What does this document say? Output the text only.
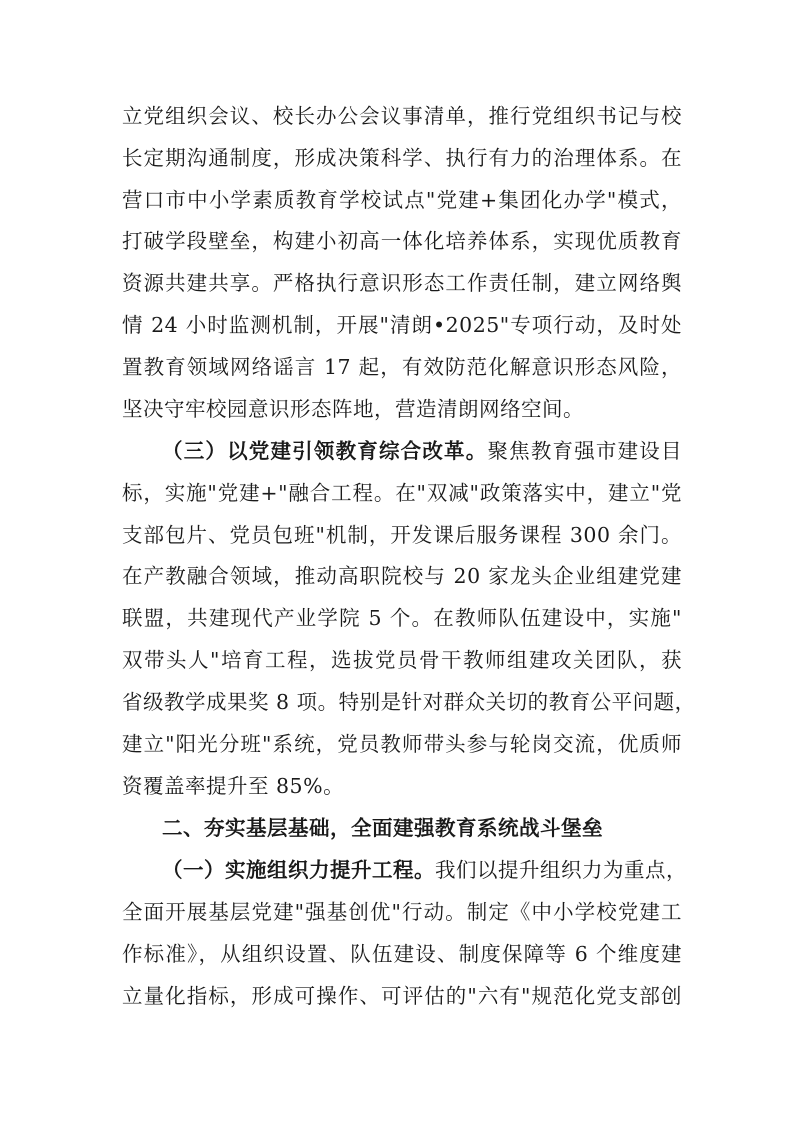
立党组织会议、校长办公会议事清单，推行党组织书记与校
长定期沟通制度，形成决策科学、执行有力的治理体系。在
营口市中小学素质教育学校试点"党建+集团化办学"模式，
打破学段壁垒，构建小初高一体化培养体系，实现优质教育
资源共建共享。严格执行意识形态工作责任制，建立网络舆
情 24 小时监测机制，开展"清朗•2025"专项行动，及时处
置教育领域网络谣言 17 起，有效防范化解意识形态风险，
坚决守牢校园意识形态阵地，营造清朗网络空间。
（三）以党建引领教育综合改革。聚焦教育强市建设目
标，实施"党建+"融合工程。在"双减"政策落实中，建立"党
支部包片、党员包班"机制，开发课后服务课程 300 余门。
在产教融合领域，推动高职院校与 20 家龙头企业组建党建
联盟，共建现代产业学院 5 个。在教师队伍建设中，实施"
双带头人"培育工程，选拔党员骨干教师组建攻关团队，获
省级教学成果奖 8 项。特别是针对群众关切的教育公平问题，
建立"阳光分班"系统，党员教师带头参与轮岗交流，优质师
资覆盖率提升至 85%。
二、夯实基层基础，全面建强教育系统战斗堡垒
（一）实施组织力提升工程。我们以提升组织力为重点，
全面开展基层党建"强基创优"行动。制定《中小学校党建工
作标准》，从组织设置、队伍建设、制度保障等 6 个维度建
立量化指标，形成可操作、可评估的"六有"规范化党支部创
